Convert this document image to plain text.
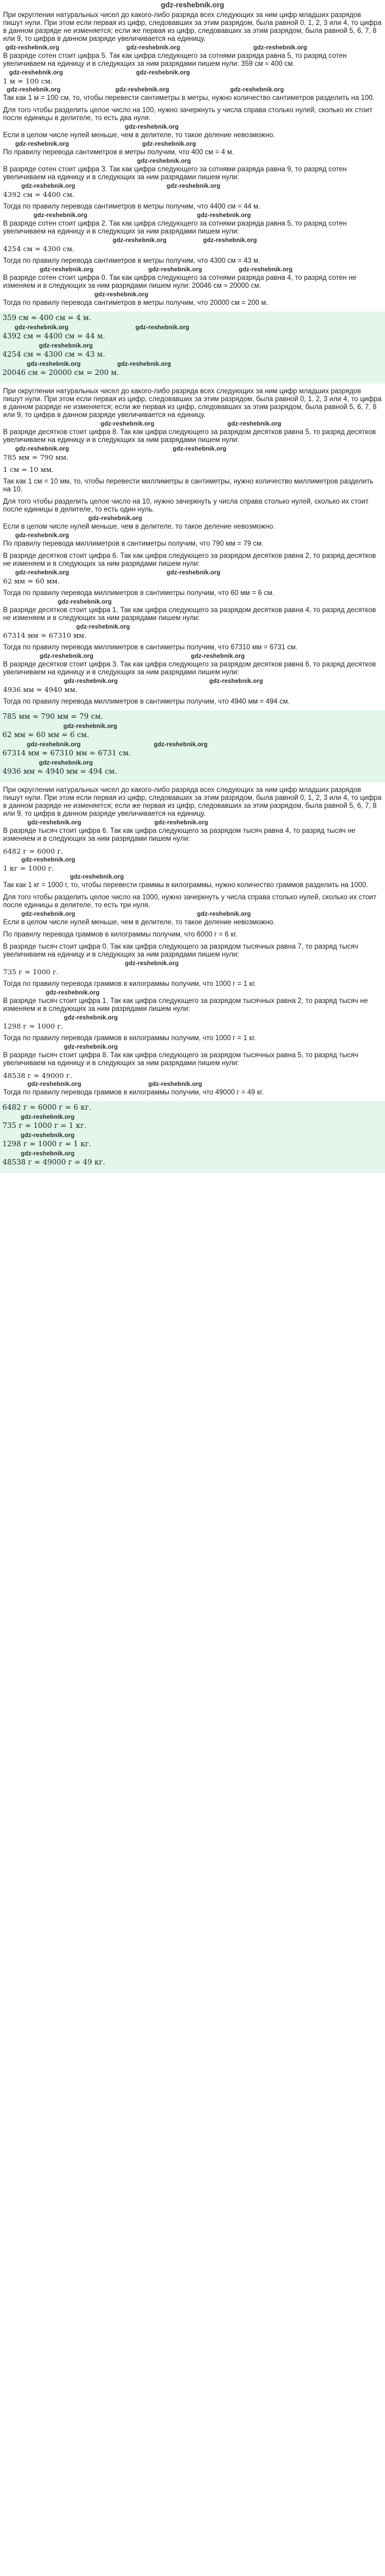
gdz-reshebnik.org

При округлении натуральных чисел до какого-либо разряда всех следующих за ним цифр младших разрядов пишут нули. При этом если первая из цифр, следовавших за этим разрядом, была равной 0, 1, 2, 3 или 4, то цифра в данном разряде не изменяется; если же первая из цифр, следовавших за этим разрядом, была равной 5, 6, 7, 8 или 9, то цифра в данном разряде увеличивается на единицу.

gdz-reshebnik.org	gdz-reshebnik.org	gdz-reshebnik.org

В разряде сотен стоит цифра 5. Так как цифра следующего за сотнями разряда равна 5, то разряд сотен увеличиваем на единицу и в следующих за ним разрядами пишем нули: 359 см ≈ 400 см.

gdz-reshebnik.org	gdz-reshebnik.org

1 м = 100 см.

gdz-reshebnik.org	gdz-reshebnik.org	gdz-reshebnik.org

Так как 1 м = 100 см, то, чтобы перевести сантиметры в метры, нужно количество сантиметров разделить на 100.

Для того чтобы разделить целое число на 100, нужно зачеркнуть у числа справа столько нулей, сколько их стоит после единицы в делителе, то есть два нуля.

gdz-reshebnik.org

Если в целом числе нулей меньше, чем в делителе, то такое деление невозможно.

gdz-reshebnik.org	gdz-reshebnik.org

По правилу перевода сантиметров в метры получим, что 400 см = 4 м.

gdz-reshebnik.org

В разряде сотен стоит цифра 3. Так как цифра следующего за сотнями разряда равна 9, то разряд сотен увеличиваем на единицу и в следующих за ним разрядами пишем нули:

gdz-reshebnik.org	gdz-reshebnik.org

4392 см ≈ 4400 см.

Тогда по правилу перевода сантиметров в метры получим, что 4400 см = 44 м.

gdz-reshebnik.org	gdz-reshebnik.org

В разряде сотен стоит цифра 2. Так как цифра следующего за сотнями разряда равна 5, то разряд сотен увеличиваем на единицу и в следующих за ним разрядами пишем нули:

gdz-reshebnik.org	gdz-reshebnik.org

4254 см ≈ 4300 см.

Тогда по правилу перевода сантиметров в метры получим, что 4300 см = 43 м.

gdz-reshebnik.org	gdz-reshebnik.org	gdz-reshebnik.org

В разряде сотен стоит цифра 0. Так как цифра следующего за сотнями разряда равна 4, то разряд сотен не изменяем и в следующих за ним разрядами пишем нули: 20046 см ≈ 20000 см.

gdz-reshebnik.org

Тогда по правилу перевода сантиметров в метры получим, что 20000 см = 200 м.

359 см ≈ 400 см = 4 м.

gdz-reshebnik.org	gdz-reshebnik.org

4392 см ≈ 4400 см = 44 м.

gdz-reshebnik.org

4254 см ≈ 4300 см = 43 м.

gdz-reshebnik.org	gdz-reshebnik.org

20046 см ≈ 20000 см = 200 м.

При округлении натуральных чисел до какого-либо разряда всех следующих за ним цифр младших разрядов пишут нули. При этом если первая из цифр, следовавших за этим разрядом, была равной 0, 1, 2, 3 или 4, то цифра в данном разряде не изменяется; если же первая из цифр, следовавших за этим разрядом, была равной 5, 6, 7, 8 или 9, то цифра в данном разряде увеличивается на единицу.

gdz-reshebnik.org	gdz-reshebnik.org

В разряде десятков стоит цифра 8. Так как цифра следующего за разрядом десятков равна 5, то разряд десятков увеличиваем на единицу и в следующих за ним разрядами пишем нули:

gdz-reshebnik.org	gdz-reshebnik.org

785 мм ≈ 790 мм.

1 см = 10 мм.

Так как 1 см = 10 мм, то, чтобы перевести миллиметры в сантиметры, нужно количество миллиметров разделить на 10.

Для того чтобы разделить целое число на 10, нужно зачеркнуть у числа справа столько нулей, сколько их стоит после единицы в делителе, то есть один нуль.

gdz-reshebnik.org

Если в целом числе нулей меньше, чем в делителе, то такое деление невозможно.

gdz-reshebnik.org

По правилу перевода миллиметров в сантиметры получим, что 790 мм = 79 см.

В разряде десятков стоит цифра 6. Так как цифра следующего за разрядом десятков равна 2, то разряд десятков не изменяем и в следующих за ним разрядами пишем нули:

gdz-reshebnik.org	gdz-reshebnik.org

62 мм ≈ 60 мм.

Тогда по правилу перевода миллиметров в сантиметры получим, что 60 мм = 6 см.

gdz-reshebnik.org

В разряде десятков стоит цифра 1. Так как цифра следующего за разрядом десятков равна 4, то разряд десятков не изменяем и в следующих за ним разрядами пишем нули:

gdz-reshebnik.org

67314 мм ≈ 67310 мм.

Тогда по правилу перевода миллиметров в сантиметры получим, что 67310 мм = 6731 см.

gdz-reshebnik.org	gdz-reshebnik.org

В разряде десятков стоит цифра 3. Так как цифра следующего за разрядом десятков равна 6, то разряд десятков увеличиваем на единицу и в следующих за ним разрядами пишем нули:

gdz-reshebnik.org	gdz-reshebnik.org

4936 мм ≈ 4940 мм.

Тогда по правилу перевода миллиметров в сантиметры получим, что 4940 мм = 494 см.

785 мм ≈ 790 мм = 79 см.

gdz-reshebnik.org

62 мм ≈ 60 мм = 6 см.

gdz-reshebnik.org	gdz-reshebnik.org

67314 мм ≈ 67310 мм = 6731 см.

gdz-reshebnik.org

4936 мм ≈ 4940 мм = 494 см.

При округлении натуральных чисел до какого-либо разряда всех следующих за ним цифр младших разрядов пишут нули. При этом если первая из цифр, следовавших за этим разрядом, была равной 0, 1, 2, 3 или 4, то цифра в данном разряде не изменяется; если же первая из цифр, следовавших за этим разрядом, была равной 5, 6, 7, 8 или 9, то цифра в данном разряде увеличивается на единицу.

gdz-reshebnik.org	gdz-reshebnik.org

В разряде тысяч стоит цифра 6. Так как цифра следующего за разрядом тысяч равна 4, то разряд тысяч не изменяем и в следующих за ним разрядами пишем нули:

6482 г ≈ 6000 г.

gdz-reshebnik.org

1 кг = 1000 г.

gdz-reshebnik.org

Так как 1 кг = 1000 г, то, чтобы перевести граммы в килограммы, нужно количество граммов разделить на 1000.

Для того чтобы разделить целое число на 1000, нужно зачеркнуть у числа справа столько нулей, сколько их стоит после единицы в делителе, то есть три нуля.

gdz-reshebnik.org	gdz-reshebnik.org

Если в целом числе нулей меньше, чем в делителе, то такое деление невозможно.

По правилу перевода граммов в килограммы получим, что 6000 г = 6 кг.

В разряде тысяч стоит цифра 0. Так как цифра следующего за разрядом тысячных равна 7, то разряд тысяч увеличиваем на единицу и в следующих за ним разрядами пишем нули:

gdz-reshebnik.org

735 г ≈ 1000 г.

Тогда по правилу перевода граммов в килограммы получим, что 1000 г = 1 кг.

gdz-reshebnik.org

В разряде тысяч стоит цифра 1. Так как цифра следующего за разрядом тысячных равна 2, то разряд тысяч не изменяем и в следующих за ним разрядами пишем нули:

gdz-reshebnik.org

1298 г ≈ 1000 г.

Тогда по правилу перевода граммов в килограммы получим, что 1000 г = 1 кг.

gdz-reshebnik.org

В разряде тысяч стоит цифра 8. Так как цифра следующего за разрядом тысячных равна 5, то разряд тысяч увеличиваем на единицу и в следующих за ним разрядами пишем нули:

48538 г ≈ 49000 г.

gdz-reshebnik.org	gdz-reshebnik.org

Тогда по правилу перевода граммов в килограммы получим, что 49000 г = 49 кг.

6482 г ≈ 6000 г = 6 кг.

gdz-reshebnik.org

735 г ≈ 1000 г = 1 кг.

gdz-reshebnik.org

1298 г ≈ 1000 г = 1 кг.

gdz-reshebnik.org

48538 г ≈ 49000 г = 49 кг.
